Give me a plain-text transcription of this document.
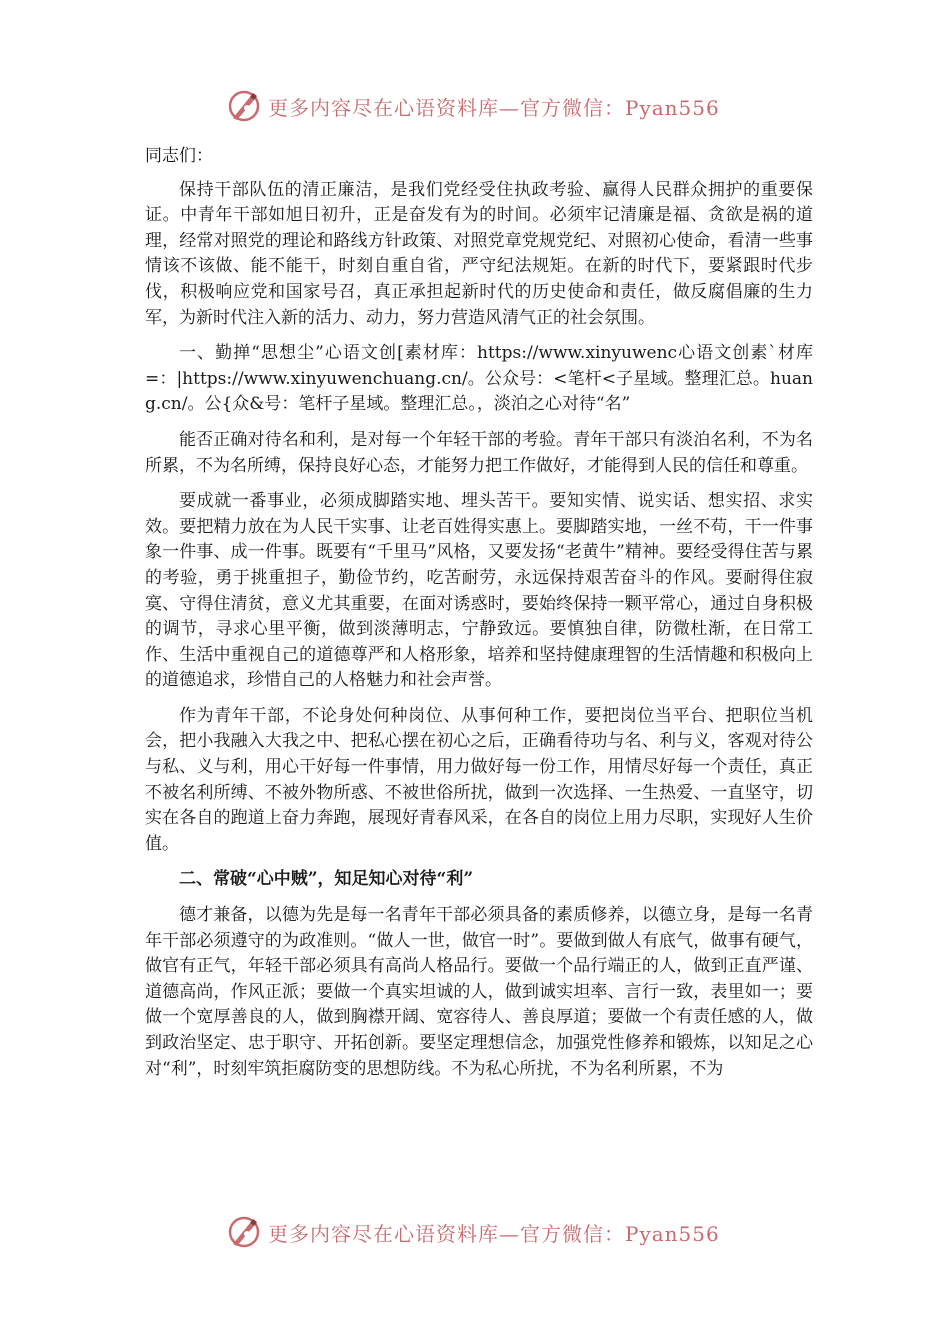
更多内容尽在心语资料库—官方微信：Pyan556

同志们：

保持干部队伍的清正廉洁，是我们党经受住执政考验、赢得人民群众拥护的重要保证。中青年干部如旭日初升，正是奋发有为的时间。必须牢记清廉是福、贪欲是祸的道理，经常对照党的理论和路线方针政策、对照党章党规党纪、对照初心使命，看清一些事情该不该做、能不能干，时刻自重自省，严守纪法规矩。在新的时代下，要紧跟时代步伐，积极响应党和国家号召，真正承担起新时代的历史使命和责任，做反腐倡廉的生力军，为新时代注入新的活力、动力，努力营造风清气正的社会氛围。

一、勤掸“思想尘”心语文创[素材库：https://www.xinyuwenc心语文创素`材库=：|https://www.xinyuwenchuang.cn/。公众号：<笔杆<子星域。整理汇总。huang.cn/。公{众&号：笔杆子星域。整理汇总。，淡泊之心对待“名”

能否正确对待名和利，是对每一个年轻干部的考验。青年干部只有淡泊名利，不为名所累，不为名所缚，保持良好心态，才能努力把工作做好，才能得到人民的信任和尊重。

要成就一番事业，必须成脚踏实地、埋头苦干。要知实情、说实话、想实招、求实效。要把精力放在为人民干实事、让老百姓得实惠上。要脚踏实地，一丝不苟，干一件事象一件事、成一件事。既要有“千里马”风格，又要发扬“老黄牛”精神。要经受得住苦与累的考验，勇于挑重担子，勤俭节约，吃苦耐劳，永远保持艰苦奋斗的作风。要耐得住寂寞、守得住清贫，意义尤其重要，在面对诱惑时，要始终保持一颗平常心，通过自身积极的调节，寻求心里平衡，做到淡薄明志，宁静致远。要慎独自律，防微杜渐，在日常工作、生活中重视自己的道德尊严和人格形象，培养和坚持健康理智的生活情趣和积极向上的道德追求，珍惜自己的人格魅力和社会声誉。

作为青年干部，不论身处何种岗位、从事何种工作，要把岗位当平台、把职位当机会，把小我融入大我之中、把私心摆在初心之后，正确看待功与名、利与义，客观对待公与私、义与利，用心干好每一件事情，用力做好每一份工作，用情尽好每一个责任，真正不被名利所缚、不被外物所惑、不被世俗所扰，做到一次选择、一生热爱、一直坚守，切实在各自的跑道上奋力奔跑，展现好青春风采，在各自的岗位上用力尽职，实现好人生价值。

二、常破“心中贼”，知足知心对待“利”

德才兼备，以德为先是每一名青年干部必须具备的素质修养，以德立身，是每一名青年干部必须遵守的为政准则。“做人一世，做官一时”。要做到做人有底气，做事有硬气，做官有正气，年轻干部必须具有高尚人格品行。要做一个品行端正的人，做到正直严谨、道德高尚，作风正派；要做一个真实坦诚的人，做到诚实坦率、言行一致，表里如一；要做一个宽厚善良的人，做到胸襟开阔、宽容待人、善良厚道；要做一个有责任感的人，做到政治坚定、忠于职守、开拓创新。要坚定理想信念，加强党性修养和锻炼，以知足之心对“利”，时刻牢筑拒腐防变的思想防线。不为私心所扰，不为名利所累，不为

更多内容尽在心语资料库—官方微信：Pyan556
